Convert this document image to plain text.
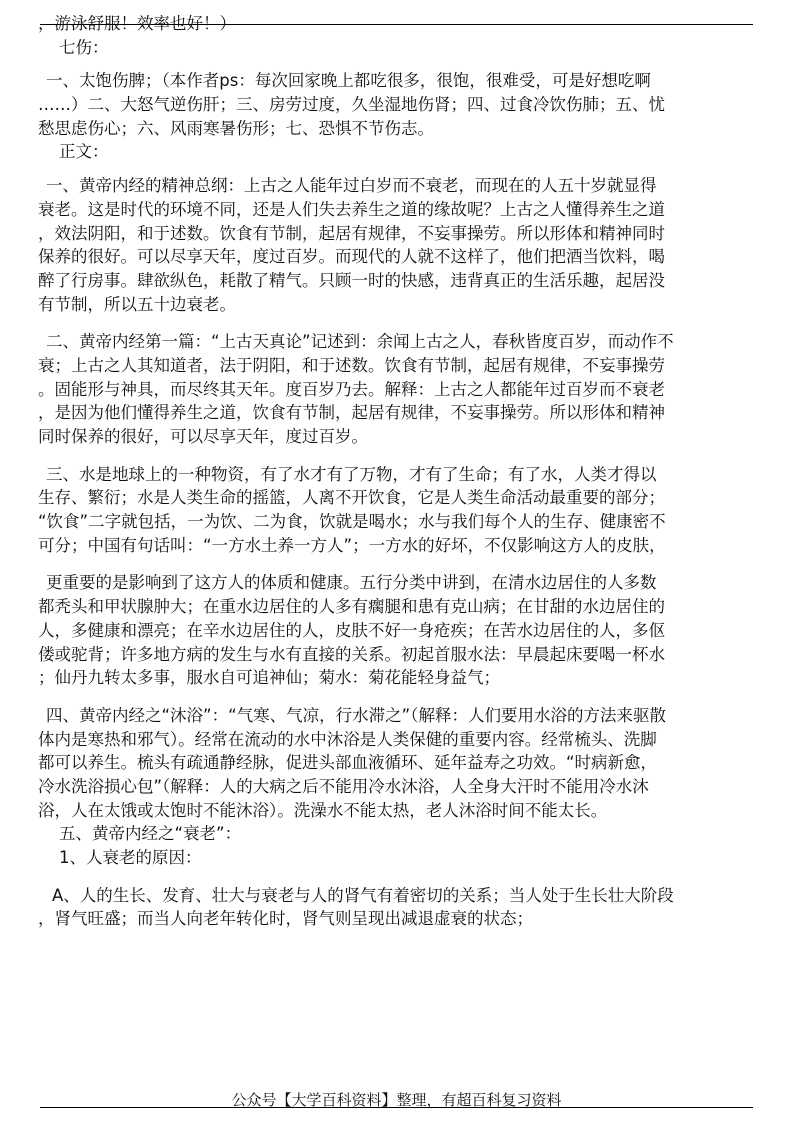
，游泳舒服！效率也好！）
七伤：
一、太饱伤脾；（本作者ps：每次回家晚上都吃很多，很饱，很难受，可是好想吃啊
……）二、大怒气逆伤肝；三、房劳过度，久坐湿地伤肾；四、过食冷饮伤肺；五、忧
愁思虑伤心；六、风雨寒暑伤形；七、恐惧不节伤志。
正文：
一、黄帝内经的精神总纲：上古之人能年过白岁而不衰老，而现在的人五十岁就显得
衰老。这是时代的环境不同，还是人们失去养生之道的缘故呢？上古之人懂得养生之道
，效法阴阳，和于述数。饮食有节制，起居有规律，不妄事操劳。所以形体和精神同时
保养的很好。可以尽享天年，度过百岁。而现代的人就不这样了，他们把酒当饮料，喝
醉了行房事。肆欲纵色，耗散了精气。只顾一时的快感，违背真正的生活乐趣，起居没
有节制，所以五十边衰老。
二、黄帝内经第一篇：“上古天真论”记述到：余闻上古之人，春秋皆度百岁，而动作不
衰；上古之人其知道者，法于阴阳，和于述数。饮食有节制，起居有规律，不妄事操劳
。固能形与神具，而尽终其天年。度百岁乃去。解释：上古之人都能年过百岁而不衰老
，是因为他们懂得养生之道，饮食有节制，起居有规律，不妄事操劳。所以形体和精神
同时保养的很好，可以尽享天年，度过百岁。
三、水是地球上的一种物资，有了水才有了万物，才有了生命；有了水，人类才得以
生存、繁衍；水是人类生命的摇篮，人离不开饮食，它是人类生命活动最重要的部分；
“饮食”二字就包括，一为饮、二为食，饮就是喝水；水与我们每个人的生存、健康密不
可分；中国有句话叫：“一方水土养一方人”；一方水的好坏，不仅影响这方人的皮肤，
更重要的是影响到了这方人的体质和健康。五行分类中讲到，在清水边居住的人多数
都秃头和甲状腺肿大；在重水边居住的人多有瘸腿和患有克山病；在甘甜的水边居住的
人，多健康和漂亮；在辛水边居住的人，皮肤不好一身疮疾；在苦水边居住的人，多伛
偻或驼背；许多地方病的发生与水有直接的关系。初起首服水法：早晨起床要喝一杯水
；仙丹九转太多事，服水自可追神仙；菊水：菊花能轻身益气；
四、黄帝内经之“沐浴”：“气寒、气凉，行水滞之”（解释：人们要用水浴的方法来驱散
体内是寒热和邪气）。经常在流动的水中沐浴是人类保健的重要内容。经常梳头、洗脚
都可以养生。梳头有疏通静经脉，促进头部血液循环、延年益寿之功效。“时病新愈，
冷水洗浴损心包”（解释：人的大病之后不能用冷水沐浴，人全身大汗时不能用冷水沐
浴，人在太饿或太饱时不能沐浴）。洗澡水不能太热，老人沐浴时间不能太长。
五、黄帝内经之“衰老”：
1、人衰老的原因：
A、人的生长、发育、壮大与衰老与人的肾气有着密切的关系；当人处于生长壮大阶段
，肾气旺盛；而当人向老年转化时，肾气则呈现出减退虚衰的状态；
公众号【大学百科资料】整理，有超百科复习资料
